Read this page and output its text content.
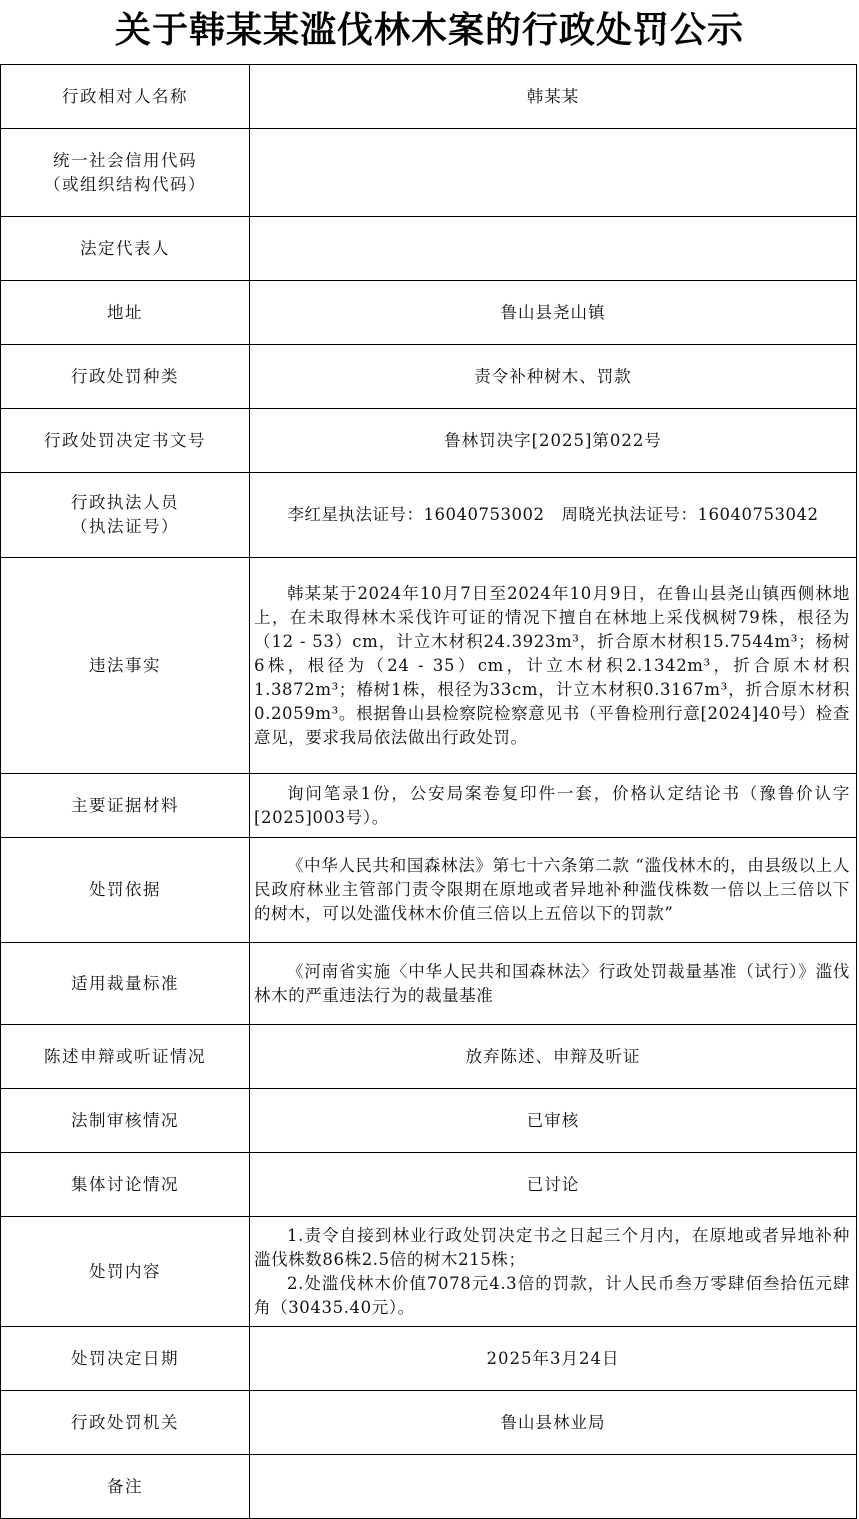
关于韩某某滥伐林木案的行政处罚公示
行政相对人名称	韩某某

统一社会信用代码
（或组织结构代码）	

法定代表人	
地址	鲁山县尧山镇
行政处罚种类	责令补种树木、罚款
行政处罚决定书文号	鲁林罚决字[2025]第022号

行政执法人员
（执法证号）	李红星执法证号：16040753002　周晓光执法证号：16040753042
违法事实	韩某某于2024年10月7日至2024年10月9日，在鲁山县尧山镇西侧林地上，在未取得林木采伐许可证的情况下擅自在林地上采伐枫树79株，根径为（12 - 53）cm，计立木材积24.3923m³，折合原木材积15.7544m³；杨树6株，根径为（24 - 35）cm，计立木材积2.1342m³，折合原木材积1.3872m³；椿树1株，根径为33cm，计立木材积0.3167m³，折合原木材积0.2059m³。根据鲁山县检察院检察意见书（平鲁检刑行意[2024]40号）检查意见，要求我局依法做出行政处罚。

主要证据材料	询问笔录1份，公安局案卷复印件一套，价格认定结论书（豫鲁价认字[2025]003号）。

处罚依据	《中华人民共和国森林法》第七十六条第二款 “滥伐林木的，由县级以上人民政府林业主管部门责令限期在原地或者异地补种滥伐株数一倍以上三倍以下的树木，可以处滥伐林木价值三倍以上五倍以下的罚款”

适用裁量标准	《河南省实施〈中华人民共和国森林法〉行政处罚裁量基准（试行）》滥伐林木的严重违法行为的裁量基准

陈述申辩或听证情况	放弃陈述、申辩及听证
法制审核情况	已审核
集体讨论情况	已讨论
处罚内容	1.责令自接到林业行政处罚决定书之日起三个月内，在原地或者异地补种滥伐株数86株2.5倍的树木215株；

2.处滥伐林木价值7078元4.3倍的罚款，计人民币叁万零肆佰叁拾伍元肆角（30435.40元）。

处罚决定日期	2025年3月24日
行政处罚机关	鲁山县林业局
备注	
